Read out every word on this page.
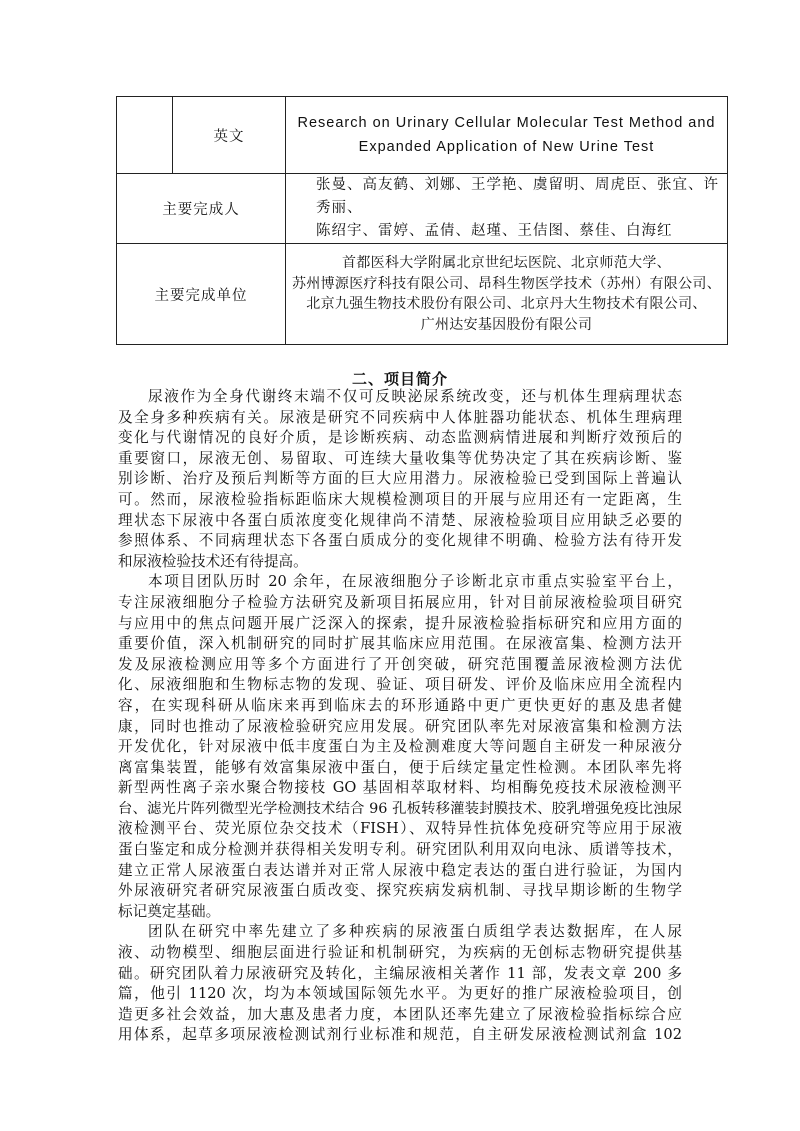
	英文	Research on Urinary Cellular Molecular Test Method and
Expanded Application of New Urine Test

主要完成人		张曼、高友鹤、刘娜、王学艳、虞留明、周虎臣、张宜、许秀丽、
陈绍宇、雷婷、孟倩、赵瑾、王佶图、蔡佳、白海红

主要完成单位		首都医科大学附属北京世纪坛医院、北京师范大学、
苏州博源医疗科技有限公司、昂科生物医学技术（苏州）有限公司、
北京九强生物技术股份有限公司、北京丹大生物技术有限公司、
广州达安基因股份有限公司
二、项目简介
尿液作为全身代谢终末端不仅可反映泌尿系统改变，还与机体生理病理状态
及全身多种疾病有关。尿液是研究不同疾病中人体脏器功能状态、机体生理病理
变化与代谢情况的良好介质，是诊断疾病、动态监测病情进展和判断疗效预后的
重要窗口，尿液无创、易留取、可连续大量收集等优势决定了其在疾病诊断、鉴
别诊断、治疗及预后判断等方面的巨大应用潜力。尿液检验已受到国际上普遍认
可。然而，尿液检验指标距临床大规模检测项目的开展与应用还有一定距离，生
理状态下尿液中各蛋白质浓度变化规律尚不清楚、尿液检验项目应用缺乏必要的
参照体系、不同病理状态下各蛋白质成分的变化规律不明确、检验方法有待开发
和尿液检验技术还有待提高。
本项目团队历时 20 余年，在尿液细胞分子诊断北京市重点实验室平台上，
专注尿液细胞分子检验方法研究及新项目拓展应用，针对目前尿液检验项目研究
与应用中的焦点问题开展广泛深入的探索，提升尿液检验指标研究和应用方面的
重要价值，深入机制研究的同时扩展其临床应用范围。在尿液富集、检测方法开
发及尿液检测应用等多个方面进行了开创突破，研究范围覆盖尿液检测方法优
化、尿液细胞和生物标志物的发现、验证、项目研发、评价及临床应用全流程内
容，在实现科研从临床来再到临床去的环形通路中更广更快更好的惠及患者健
康，同时也推动了尿液检验研究应用发展。研究团队率先对尿液富集和检测方法
开发优化，针对尿液中低丰度蛋白为主及检测难度大等问题自主研发一种尿液分
离富集装置，能够有效富集尿液中蛋白，便于后续定量定性检测。本团队率先将
新型两性离子亲水聚合物接枝 GO 基固相萃取材料、均相酶免疫技术尿液检测平
台、滤光片阵列微型光学检测技术结合 96 孔板转移灌装封膜技术、胶乳增强免疫比浊尿
液检测平台、荧光原位杂交技术（FISH）、双特异性抗体免疫研究等应用于尿液
蛋白鉴定和成分检测并获得相关发明专利。研究团队利用双向电泳、质谱等技术，
建立正常人尿液蛋白表达谱并对正常人尿液中稳定表达的蛋白进行验证，为国内
外尿液研究者研究尿液蛋白质改变、探究疾病发病机制、寻找早期诊断的生物学
标记奠定基础。
团队在研究中率先建立了多种疾病的尿液蛋白质组学表达数据库，在人尿
液、动物模型、细胞层面进行验证和机制研究，为疾病的无创标志物研究提供基
础。研究团队着力尿液研究及转化，主编尿液相关著作 11 部，发表文章 200 多
篇，他引 1120 次，均为本领域国际领先水平。为更好的推广尿液检验项目，创
造更多社会效益，加大惠及患者力度，本团队还率先建立了尿液检验指标综合应
用体系，起草多项尿液检测试剂行业标准和规范，自主研发尿液检测试剂盒 102
